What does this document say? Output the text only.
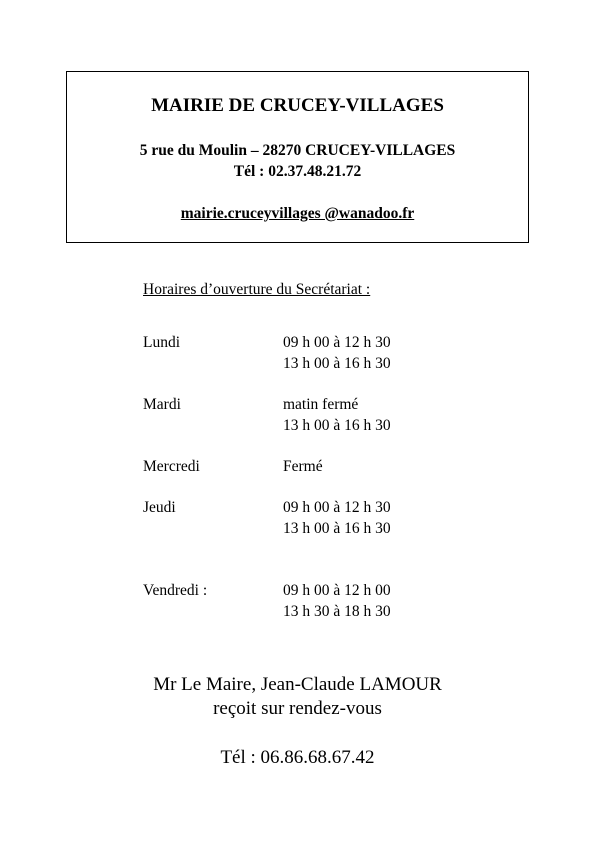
MAIRIE DE CRUCEY-VILLAGES
5 rue du Moulin – 28270 CRUCEY-VILLAGES
Tél : 02.37.48.21.72
mairie.cruceyvillages @wanadoo.fr
Horaires d’ouverture du Secrétariat :
Lundi	09 h 00 à 12 h 30
13 h 00 à 16 h 30
Mardi	matin fermé
13 h 00 à 16 h 30
Mercredi	Fermé
Jeudi	09 h 00 à 12 h 30
13 h 00 à 16 h 30
Vendredi :	09 h 00 à 12 h 00
13 h 30 à 18 h 30
Mr Le Maire, Jean-Claude LAMOUR
reçoit sur rendez-vous
Tél : 06.86.68.67.42
